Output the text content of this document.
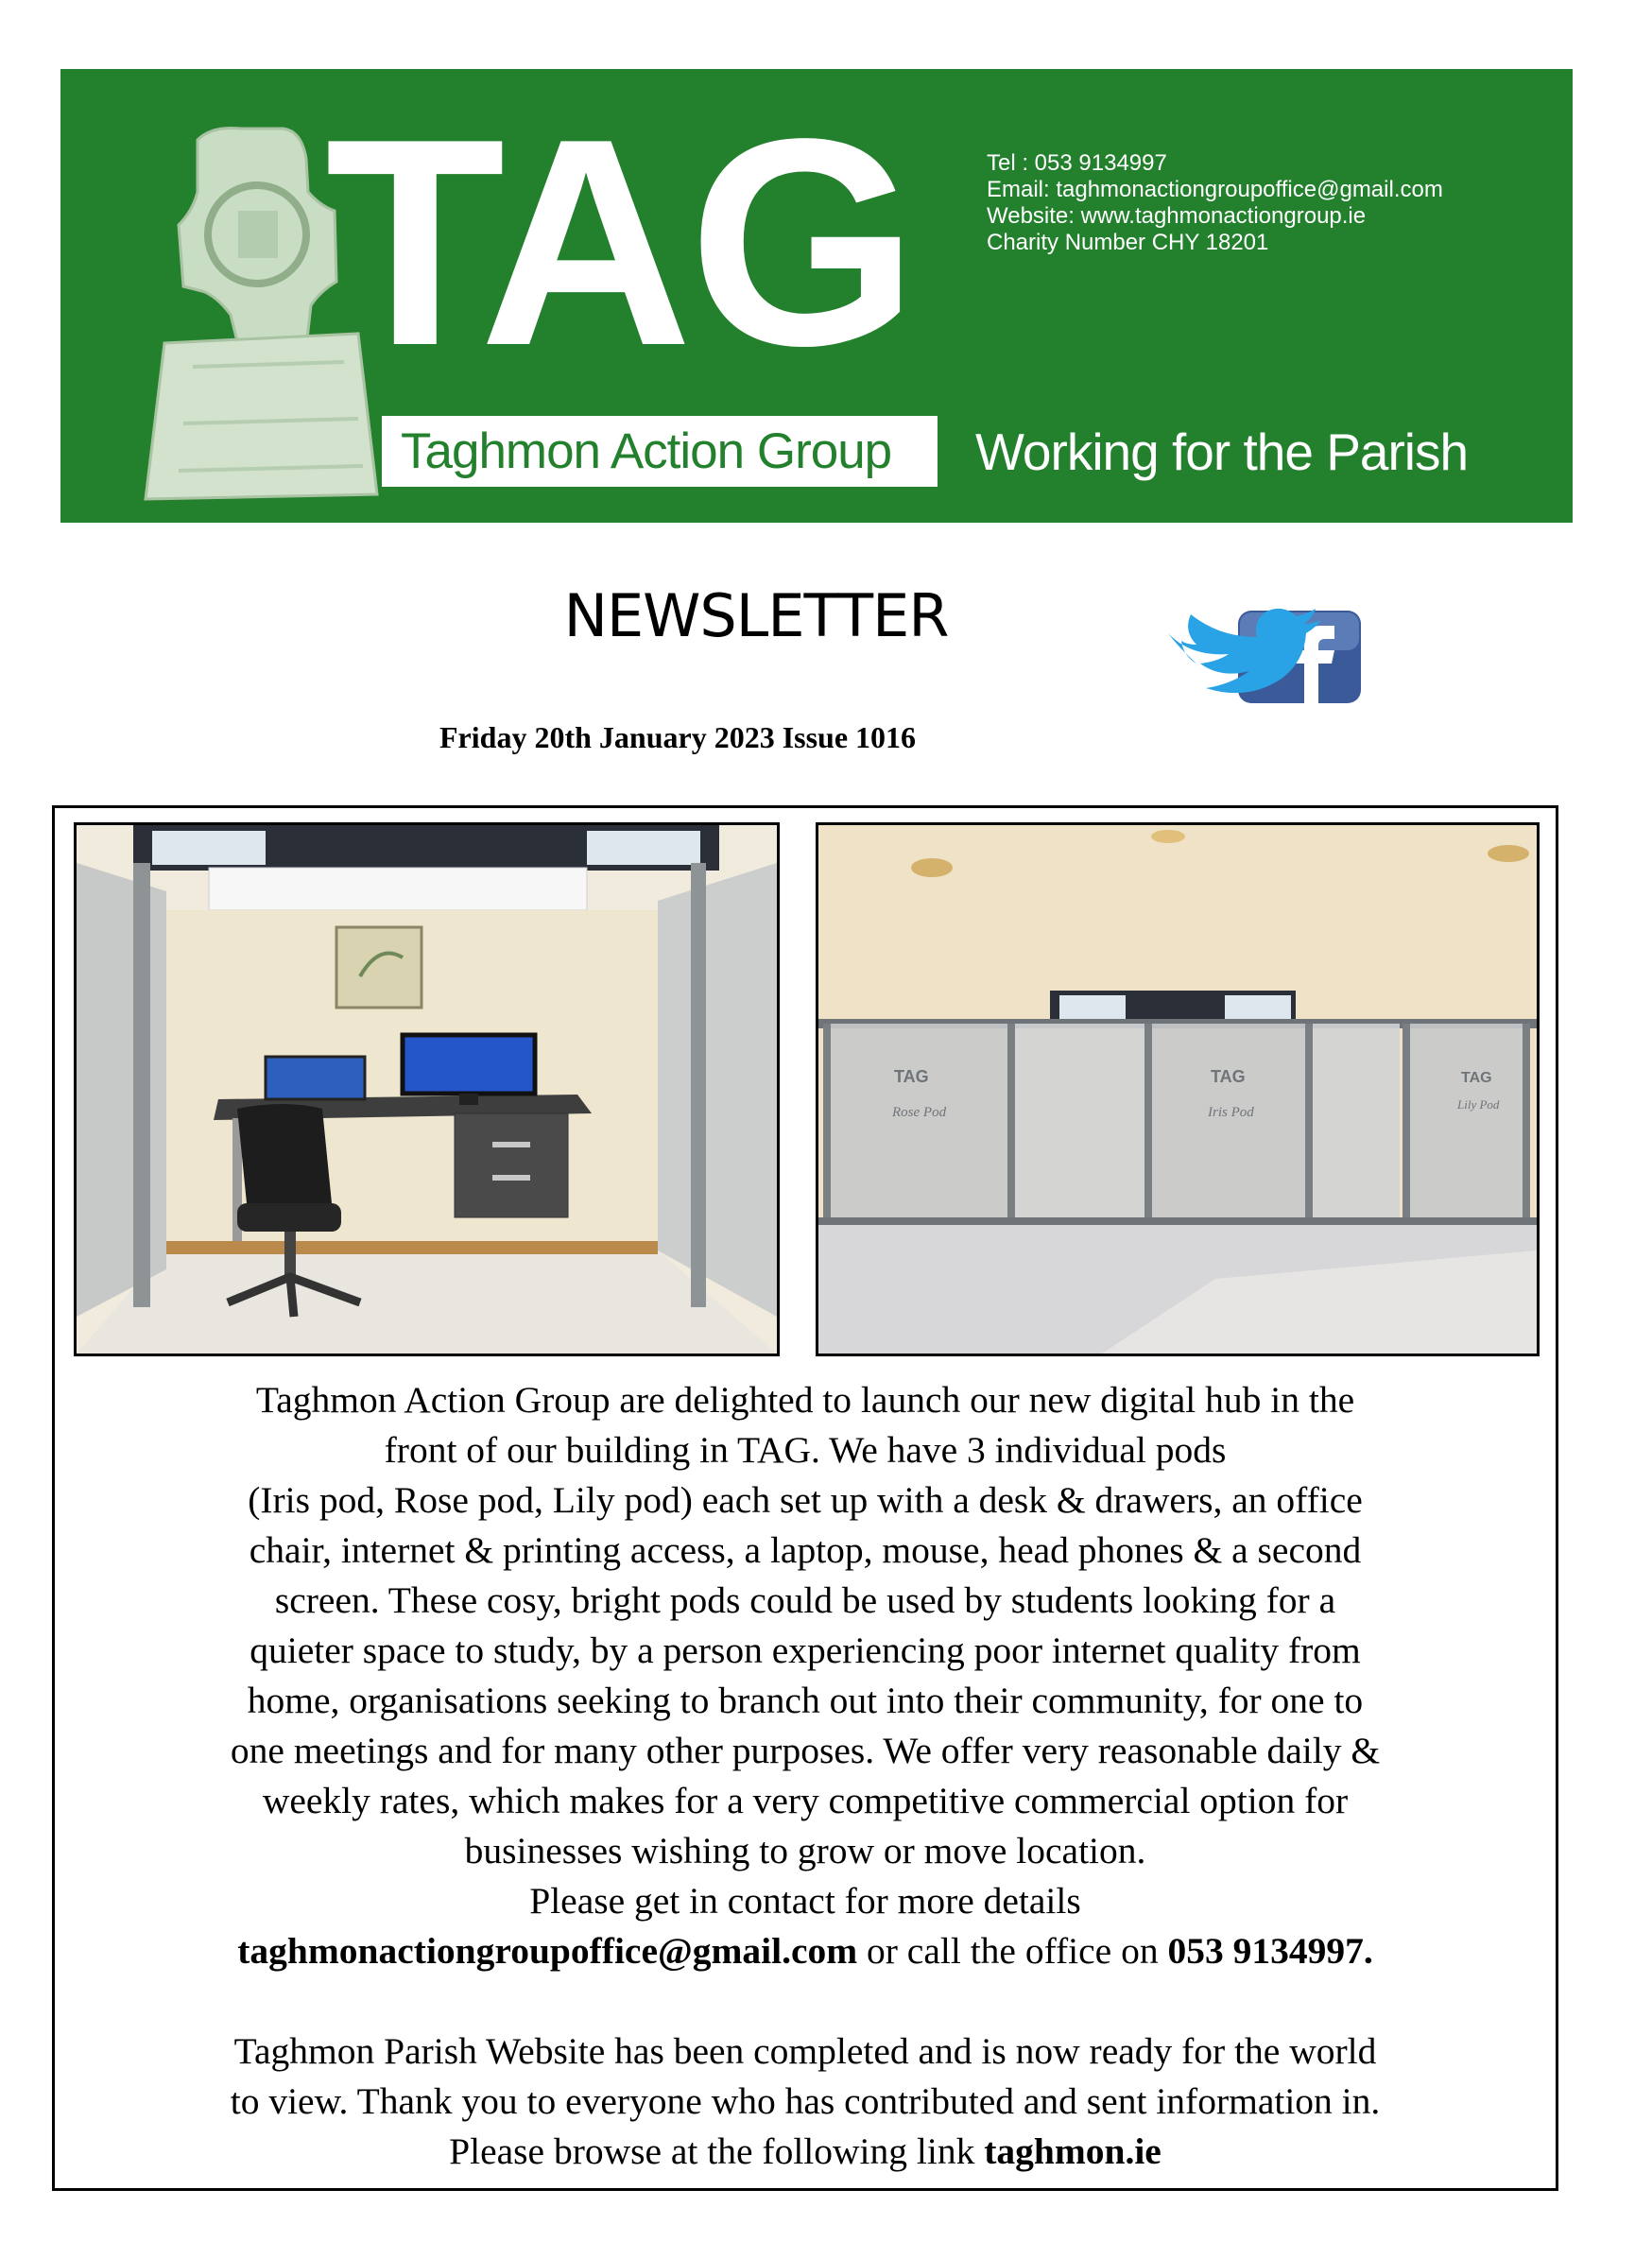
TAG
Taghmon Action Group	Working for the Parish
Tel : 053 9134997
Email: taghmonactiongroupoffice@gmail.com
Website: www.taghmonactiongroup.ie
Charity Number CHY 18201
NEWSLETTER
Friday 20th January 2023 Issue 1016
TAG
Rose Pod
TAG
Iris Pod
TAG
Lily Pod

Taghmon Action Group are delighted to launch our new digital hub in the

front of our building in TAG. We have 3 individual pods

(Iris pod, Rose pod, Lily pod) each set up with a desk & drawers, an office

chair, internet & printing access, a laptop, mouse, head phones & a second

screen. These cosy, bright pods could be used by students looking for a

quieter space to study, by a person experiencing poor internet quality from

home, organisations seeking to branch out into their community, for one to

one meetings and for many other purposes. We offer very reasonable daily &

weekly rates, which makes for a very competitive commercial option for

businesses wishing to grow or move location.

Please get in contact for more details

taghmonactiongroupoffice@gmail.com or call the office on 053 9134997.

Taghmon Parish Website has been completed and is now ready for the world

to view. Thank you to everyone who has contributed and sent information in.

Please browse at the following link taghmon.ie
